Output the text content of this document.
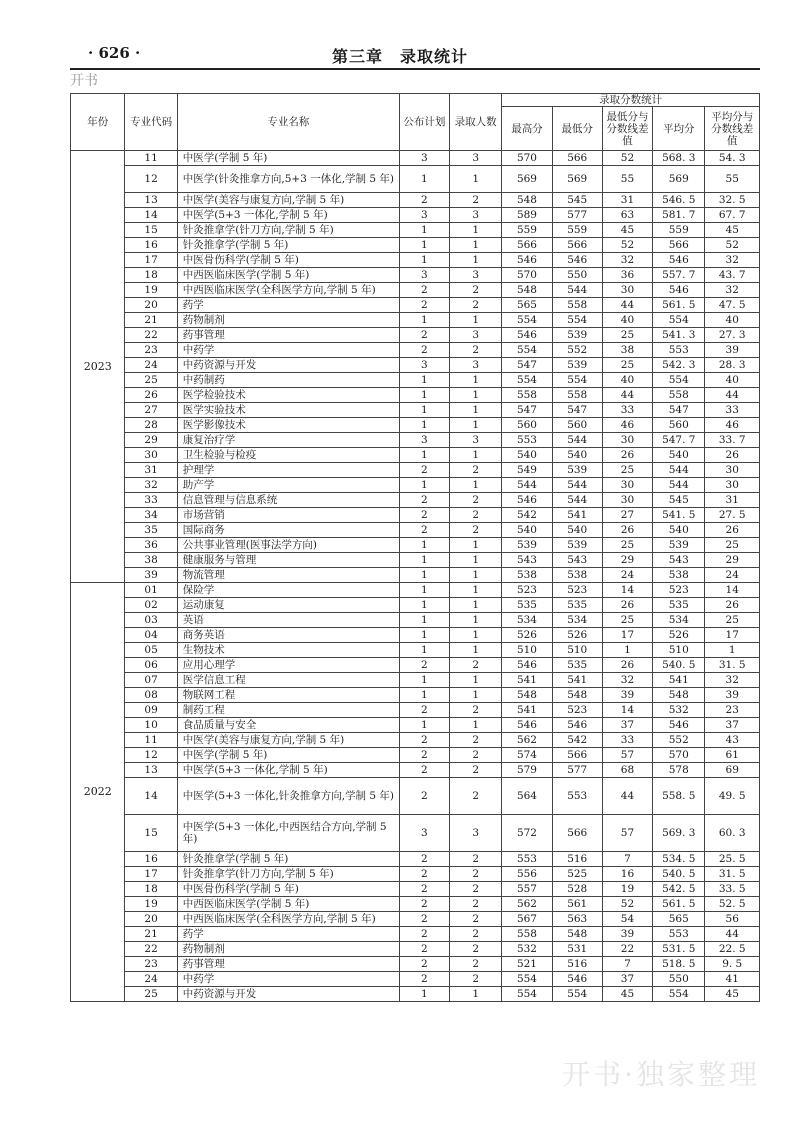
· 626 ·	第三章　录取统计
开书
年份	专业代码	专业名称	公布计划	录取人数	录取分数统计				
					最高分	最低分	最低分与分数线差值	平均分	平均分与分数线差值
2023	11	中医学(学制 5 年)	3	3	570	566	52	568. 3	54. 3
	12	中医学(针灸推拿方向,5+3 一体化,学制 5 年)	1	1	569	569	55	569	55
	13	中医学(美容与康复方向,学制 5 年)	2	2	548	545	31	546. 5	32. 5
	14	中医学(5+3 一体化,学制 5 年)	3	3	589	577	63	581. 7	67. 7
	15	针灸推拿学(针刀方向,学制 5 年)	1	1	559	559	45	559	45
	16	针灸推拿学(学制 5 年)	1	1	566	566	52	566	52
	17	中医骨伤科学(学制 5 年)	1	1	546	546	32	546	32
	18	中西医临床医学(学制 5 年)	3	3	570	550	36	557. 7	43. 7
	19	中西医临床医学(全科医学方向,学制 5 年)	2	2	548	544	30	546	32
	20	药学	2	2	565	558	44	561. 5	47. 5
	21	药物制剂	1	1	554	554	40	554	40
	22	药事管理	2	3	546	539	25	541. 3	27. 3
	23	中药学	2	2	554	552	38	553	39
	24	中药资源与开发	3	3	547	539	25	542. 3	28. 3
	25	中药制药	1	1	554	554	40	554	40
	26	医学检验技术	1	1	558	558	44	558	44
	27	医学实验技术	1	1	547	547	33	547	33
	28	医学影像技术	1	1	560	560	46	560	46
	29	康复治疗学	3	3	553	544	30	547. 7	33. 7
	30	卫生检验与检疫	1	1	540	540	26	540	26
	31	护理学	2	2	549	539	25	544	30
	32	助产学	1	1	544	544	30	544	30
	33	信息管理与信息系统	2	2	546	544	30	545	31
	34	市场营销	2	2	542	541	27	541. 5	27. 5
	35	国际商务	2	2	540	540	26	540	26
	36	公共事业管理(医事法学方向)	1	1	539	539	25	539	25
	38	健康服务与管理	1	1	543	543	29	543	29
	39	物流管理	1	1	538	538	24	538	24
2022	01	保险学	1	1	523	523	14	523	14
	02	运动康复	1	1	535	535	26	535	26
	03	英语	1	1	534	534	25	534	25
	04	商务英语	1	1	526	526	17	526	17
	05	生物技术	1	1	510	510	1	510	1
	06	应用心理学	2	2	546	535	26	540. 5	31. 5
	07	医学信息工程	1	1	541	541	32	541	32
	08	物联网工程	1	1	548	548	39	548	39
	09	制药工程	2	2	541	523	14	532	23
	10	食品质量与安全	1	1	546	546	37	546	37
	11	中医学(美容与康复方向,学制 5 年)	2	2	562	542	33	552	43
	12	中医学(学制 5 年)	2	2	574	566	57	570	61
	13	中医学(5+3 一体化,学制 5 年)	2	2	579	577	68	578	69
	14	中医学(5+3 一体化,针灸推拿方向,学制 5 年)	2	2	564	553	44	558. 5	49. 5
	15	中医学(5+3 一体化,中西医结合方向,学制 5 年)	3	3	572	566	57	569. 3	60. 3
	16	针灸推拿学(学制 5 年)	2	2	553	516	7	534. 5	25. 5
	17	针灸推拿学(针刀方向,学制 5 年)	2	2	556	525	16	540. 5	31. 5
	18	中医骨伤科学(学制 5 年)	2	2	557	528	19	542. 5	33. 5
	19	中西医临床医学(学制 5 年)	2	2	562	561	52	561. 5	52. 5
	20	中西医临床医学(全科医学方向,学制 5 年)	2	2	567	563	54	565	56
	21	药学	2	2	558	548	39	553	44
	22	药物制剂	2	2	532	531	22	531. 5	22. 5
	23	药事管理	2	2	521	516	7	518. 5	9. 5
	24	中药学	2	2	554	546	37	550	41
	25	中药资源与开发	1	1	554	554	45	554	45
开书·独家整理
